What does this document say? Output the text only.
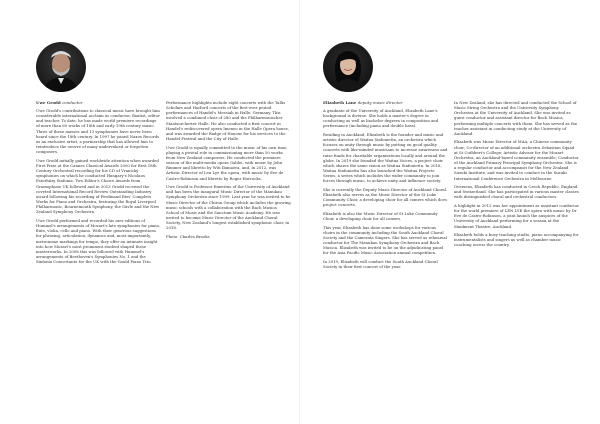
Uwe Grodd conductor

Uwe Grodd's contributions to classical music have brought him considerable international acclaim as conductor, flautist, editor and teacher. To date, he has made world premiere recordings of more than 60 works of 18th and early 19th century music. Three of these masses and 13 symphonies have never been heard since the 18th century. In 1997 he joined Naxos Records as an exclusive artist, a partnership that has allowed him to reintroduce the oeuvre of many undervalued or forgotten composers.

Uwe Grodd initially gained worldwide attention when awarded First Prize at the Cannes Classical Awards 2000 for Best 18th Century Orchestral recording for his CD of Vranický symphonies on which he conducted Hungary's Nicolaus Esterházy Sinfonia. Two Editor's Choice Awards from Gramophone UK followed and in 2013 Grodd received the coveted International Record Review Outstanding Industry award following his recording of Ferdinand Ries' Complete Works for Piano and Orchestra, featuring the Royal Liverpool Philharmonic, Bournemouth Symphony, the Gävle and the New Zealand Symphony Orchestra.

Uwe Grodd performed and recorded his new editions of Hummel's arrangements of Mozart's late symphonies for piano, flute, violin, cello and piano. With their generous suggestions for phrasing, articulation, dynamics and, most importantly, metronome markings for tempo, they offer an intimate insight into how Mozart's most prominent student shaped these masterworks. In 2008 this was followed with Hummel's arrangements of Beethoven's Symphonies No. 1 and the Sinfonía Concertante for the UK with the Gould Piano Trio.

Performance highlights include eight concerts with the Tallis Scholars and Harford concerts of the first-ever period performances of Handel's Messiah in Halle, Germany. This involved a combined choir of 280 and the Philharmonischer Staatsorchester Halle. He also conducted a first concert in Handel's rediscovered opera Imeneo in the Halle Opera house, and was awarded the Badge of Honour for his services to the Handel Festival and the City of Halle.

Uwe Grodd is equally committed to the music of his own time, playing a pivotal role in commissioning more than 50 works from New Zealand composers. He conducted the premiere season of the multi-media opera Galilei, with music by John Rimmer and libretto by Witi Ihimaera, and, in 2012, was Artistic Director of Len Lye the opera, with music by Eve de Castro-Robinson and libretto by Roger Horrocks.

Uwe Grodd is Professor Emeritus of the University of Auckland and has been the inaugural Music Director of the Manukau Symphony Orchestra since 1999. Last year he was invited to be Music Director of the Chiron Group which includes the growing music schools with a collaboration with the Bach Musica School of Music and the Sanctum Music Academy. He was invited to become Music Director of the Auckland Choral Society, New Zealand's longest established symphonic choir, in 2018.

Photo: Charles Brooks

Elizabeth Lane deputy music director

A graduate of the University of Auckland, Elizabeth Lane's background is diverse. She holds a master's degree in conducting as well as bachelor degrees in composition and performance (including piano and double bass).

Residing in Auckland, Elizabeth is the founder and music and artistic director of Waitua Sinfonietta, an orchestra which focuses on unity through music by putting on good quality concerts with like-minded musicians to increase awareness and raise funds for charitable organisations locally and around the globe. In 2019 she founded the Waitua Voices, a project choir which shares the same vision as Waitua Sinfonietta. In 2018, Waitua Sinfonietta has also launched the Waitua Projects Series, a series which includes the wider community to join forces through music, to achieve unity and influence society.

She is currently the Deputy Music Director of Auckland Choral. Elizabeth also serves as the Music Director of the St Luke Community Choir, a developing choir for all comers which does project concerts.

Elizabeth is also the Music Director of St Luke Community Choir, a developing choir for all comers.

This year, Elizabeth has done some workshops for various choirs in the community including the South Auckland Choral Society and the Camerata Singers. She has served as rehearsal conductor for The Manukau Symphony Orchestra and Bach Musica. Elizabeth was invited to be on the adjudicating panel for the Asia Pacific Music Association annual competition.

In 2019, Elizabeth will conduct the South Auckland Choral Society in their first concert of the year.

In New Zealand, she has directed and conducted the School of Music String Orchestra and the University Symphony Orchestra at the University of Auckland. She was invited as guest conductor and assistant director for Bach Musica, performing multiple concerts with them. She has served as the teacher assistant in conducting study at the University of Auckland.

Elizabeth was Music Director of MAA, a Chinese community choir; Co-director of an additional orchestra Sebastian Squad at St Cuthbert's College; Artistic Advisor for the Mozart Orchestra, an Auckland-based community ensemble; Conductor of the Auckland Primary Principal Symphony Orchestra. She is a regular conductor and accompanist for the New Zealand Suzuki Institute, and was invited to conduct in the Suzuki International Conference Orchestra in Melbourne.

Overseas, Elizabeth has conducted in Czech Republic, England and Switzerland. She has participated in various master classes with distinguished choral and orchestral conductors.

A highlight in 2012 was her appointment as assistant conductor for the world premiere of LEN LYE the opera with music by Dr Eve de Castro-Robinson, a joint launch the auspices of the University of Auckland performing for a season at the Maidment Theatre, Auckland.

Elizabeth holds a busy teaching studio, piano accompanying for instrumentalists and singers as well as chamber music coaching across the country.
